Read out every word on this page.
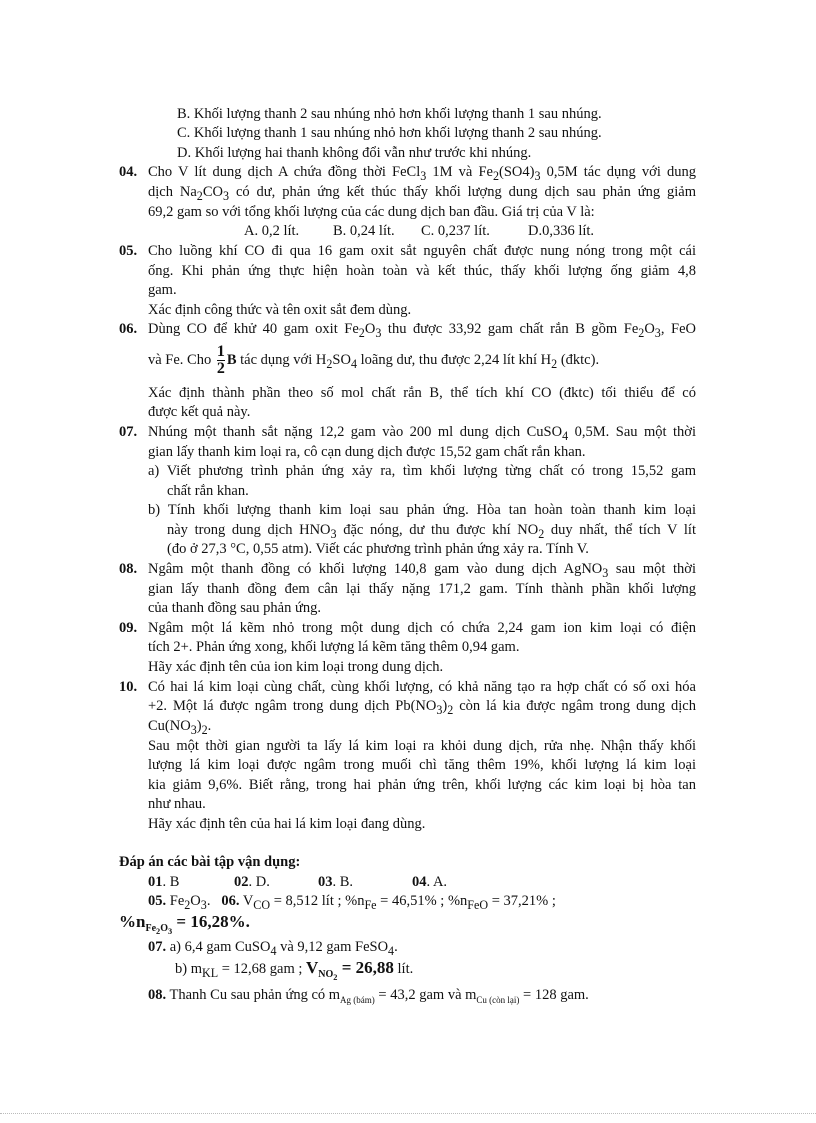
B. Khối lượng thanh 2 sau nhúng nhỏ hơn khối lượng thanh 1 sau nhúng.
C. Khối lượng thanh 1 sau nhúng nhỏ hơn khối lượng thanh 2 sau nhúng.
D. Khối lượng hai thanh không đổi vẫn như trước khi nhúng.
04. Cho V lít dung dịch A chứa đồng thời FeCl$_3$ 1M và $Fe_2(SO4)_3$ 0,5M tác dụng với dung
dịch $Na_2CO_3$ có dư, phản ứng kết thúc thấy khối lượng dung dịch sau phản ứng giảm
69,2 gam so với tổng khối lượng của các dung dịch ban đầu. Giá trị của V là:
A. 0,2 lít. B. 0,24 lít. C. 0,237 lít.	D.0,336 lít.
05. Cho luồng khí CO đi qua 16 gam oxit sắt nguyên chất được nung nóng trong một cái
ống. Khi phản ứng thực hiện hoàn toàn và kết thúc, thấy khối lượng ống giảm 4,8
gam.
Xác định công thức và tên oxit sắt đem dùng.
06. Dùng CO để khử 40 gam oxit $Fe_2O_3$ thu được 33,92 gam chất rắn B gồm $Fe_2O_3$, FeO
và Fe. Cho $\frac{1}{2}$ B tác dụng với $H_2SO_4$ loãng dư, thu được 2,24 lít khí $H_2$ (đktc).
Xác định thành phần theo số mol chất rắn B, thể tích khí CO (đktc) tối thiểu để có
được kết quả này.
07. Nhúng một thanh sắt nặng 12,2 gam vào 200 ml dung dịch CuSO$_4$ 0,5M. Sau một thời
gian lấy thanh kim loại ra, cô cạn dung dịch được 15,52 gam chất rắn khan.
a) Viết phương trình phản ứng xảy ra, tìm khối lượng từng chất có trong 15,52 gam
chất rắn khan.
b) Tính khối lượng thanh kim loại sau phản ứng. Hòa tan hoàn toàn thanh kim loại
này trong dung dịch $HNO_3$ đặc nóng, dư thu được khí $NO_2$ duy nhất, thể tích V lít
(đo ở 27,3 °C, 0,55 atm). Viết các phương trình phản ứng xảy ra. Tính V.
08. Ngâm một thanh đồng có khối lượng 140,8 gam vào dung dịch AgNO$_3$ sau một thời
gian lấy thanh đồng đem cân lại thấy nặng 171,2 gam. Tính thành phần khối lượng
của thanh đồng sau phản ứng.
09. Ngâm một lá kẽm nhỏ trong một dung dịch có chứa 2,24 gam ion kim loại có điện
tích 2+. Phản ứng xong, khối lượng lá kẽm tăng thêm 0,94 gam.
Hãy xác định tên của ion kim loại trong dung dịch.
10. Có hai lá kim loại cùng chất, cùng khối lượng, có khả năng tạo ra hợp chất có số oxi hóa
+2. Một lá được ngâm trong dung dịch $Pb(NO_3)_2$ còn lá kia được ngâm trong dung dịch
$Cu(NO_3)_2$.
Sau một thời gian người ta lấy lá kim loại ra khỏi dung dịch, rửa nhẹ. Nhận thấy khối
lượng lá kim loại được ngâm trong muối chì tăng thêm 19%, khối lượng lá kim loại
kia giảm 9,6%. Biết rằng, trong hai phản ứng trên, khối lượng các kim loại bị hòa tan
như nhau.
Hãy xác định tên của hai lá kim loại đang dùng.
Đáp án các bài tập vận dụng:
01. B	02. D.	03. B.	04. A.
05. $Fe_2O_3$. 06. $V_{CO} = 8,512$ lít ; $\%n_{Fe} = 46,51\%$ ; $\%n_{FeO} = 37,21\%$ ;
$\%n_{Fe_2O_3} = 16,28\%$.
07. a) 6,4 gam CuSO$_4$ và 9,12 gam FeSO$_4$.
b) $m_{KL} = 12,68$ gam ; $V_{NO_2} = 26,88$ lít.
08. Thanh Cu sau phản ứng có $m_{Ag (bám)} = 43,2$ gam và $m_{Cu (còn lại)} = 128$ gam.
